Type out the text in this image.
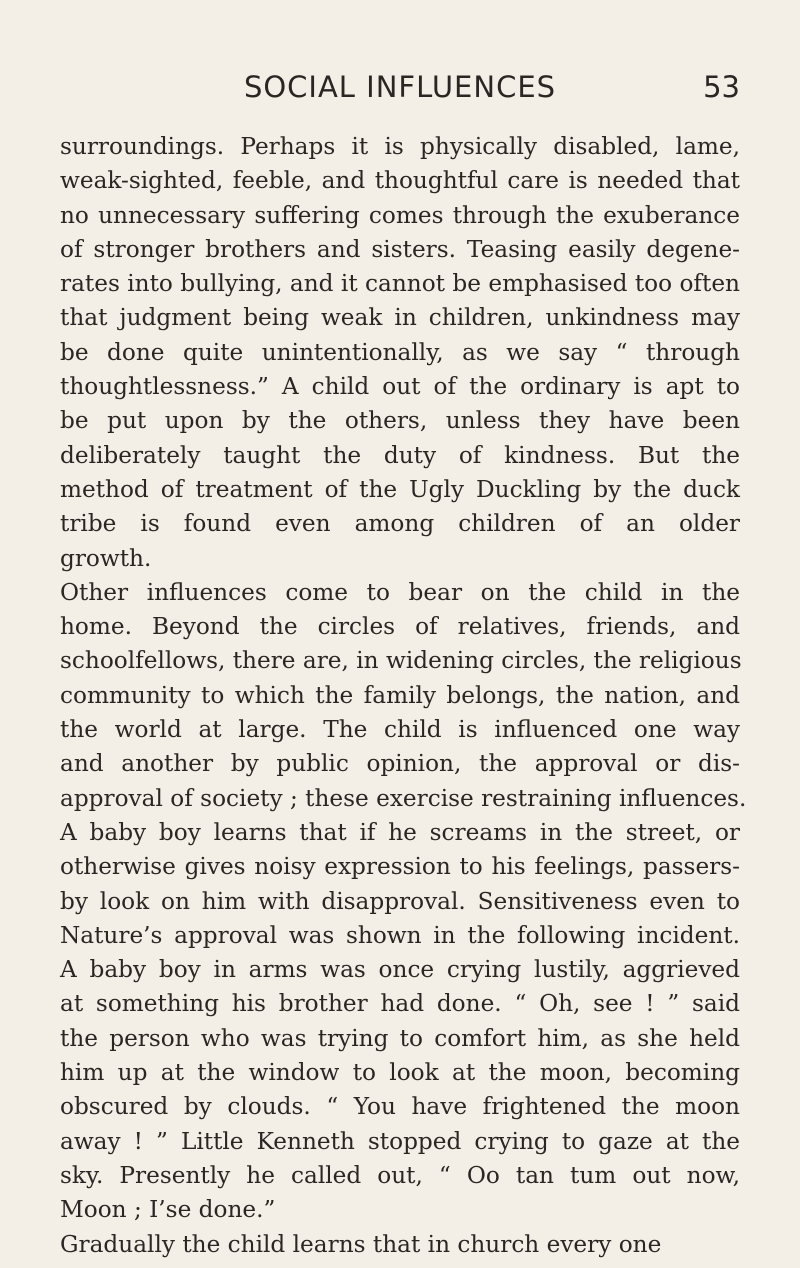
SOCIAL INFLUENCES	53

surroundings. Perhaps it is physically disabled, lame,
weak-sighted, feeble, and thoughtful care is needed that
no unnecessary suffering comes through the exuberance
of stronger brothers and sisters. Teasing easily degene-
rates into bullying, and it cannot be emphasised too often
that judgment being weak in children, unkindness may
be done quite unintentionally, as we say “ through
thoughtlessness.” A child out of the ordinary is apt to
be put upon by the others, unless they have been
deliberately taught the duty of kindness. But the
method of treatment of the Ugly Duckling by the duck
tribe is found even among children of an older
growth.

Other influences come to bear on the child in the
home. Beyond the circles of relatives, friends, and
schoolfellows, there are, in widening circles, the religious
community to which the family belongs, the nation, and
the world at large. The child is influenced one way
and another by public opinion, the approval or dis-
approval of society ; these exercise restraining influences.
A baby boy learns that if he screams in the street, or
otherwise gives noisy expression to his feelings, passers-
by look on him with disapproval. Sensitiveness even to
Nature’s approval was shown in the following incident.
A baby boy in arms was once crying lustily, aggrieved
at something his brother had done. “ Oh, see ! ” said
the person who was trying to comfort him, as she held
him up at the window to look at the moon, becoming
obscured by clouds. “ You have frightened the moon
away ! ” Little Kenneth stopped crying to gaze at the
sky. Presently he called out, “ Oo tan tum out now,
Moon ; I’se done.”

Gradually the child learns that in church every one
